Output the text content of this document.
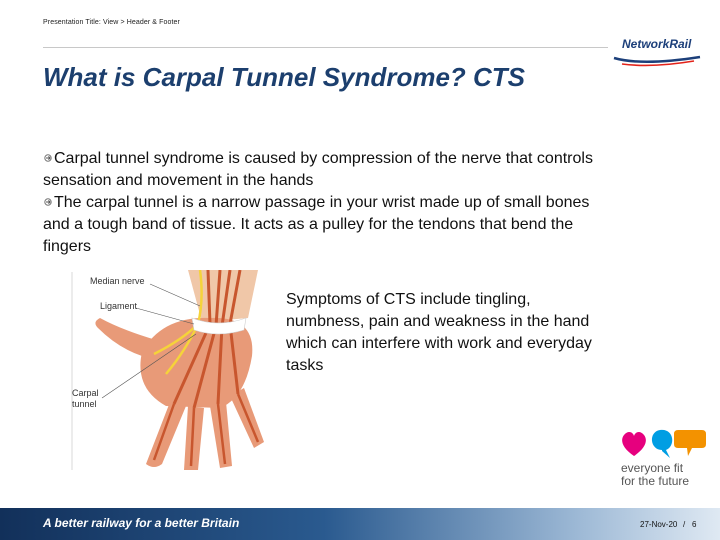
Presentation Title: View > Header & Footer
NetworkRail
What is Carpal Tunnel Syndrome? CTS

Carpal tunnel syndrome is caused by compression of the nerve that controls sensation and movement in the hands

The carpal tunnel is a narrow passage in your wrist made up of small bones and a tough band of tissue. It acts as a pulley for the tendons that bend the fingers

Median nerve
Ligament
Carpal
tunnel
Symptoms of CTS include tingling, numbness, pain and weakness in the hand which can interfere with work and everyday tasks
everyone fit
for the future
A better railway for a better Britain	27-Nov-20 / 6
